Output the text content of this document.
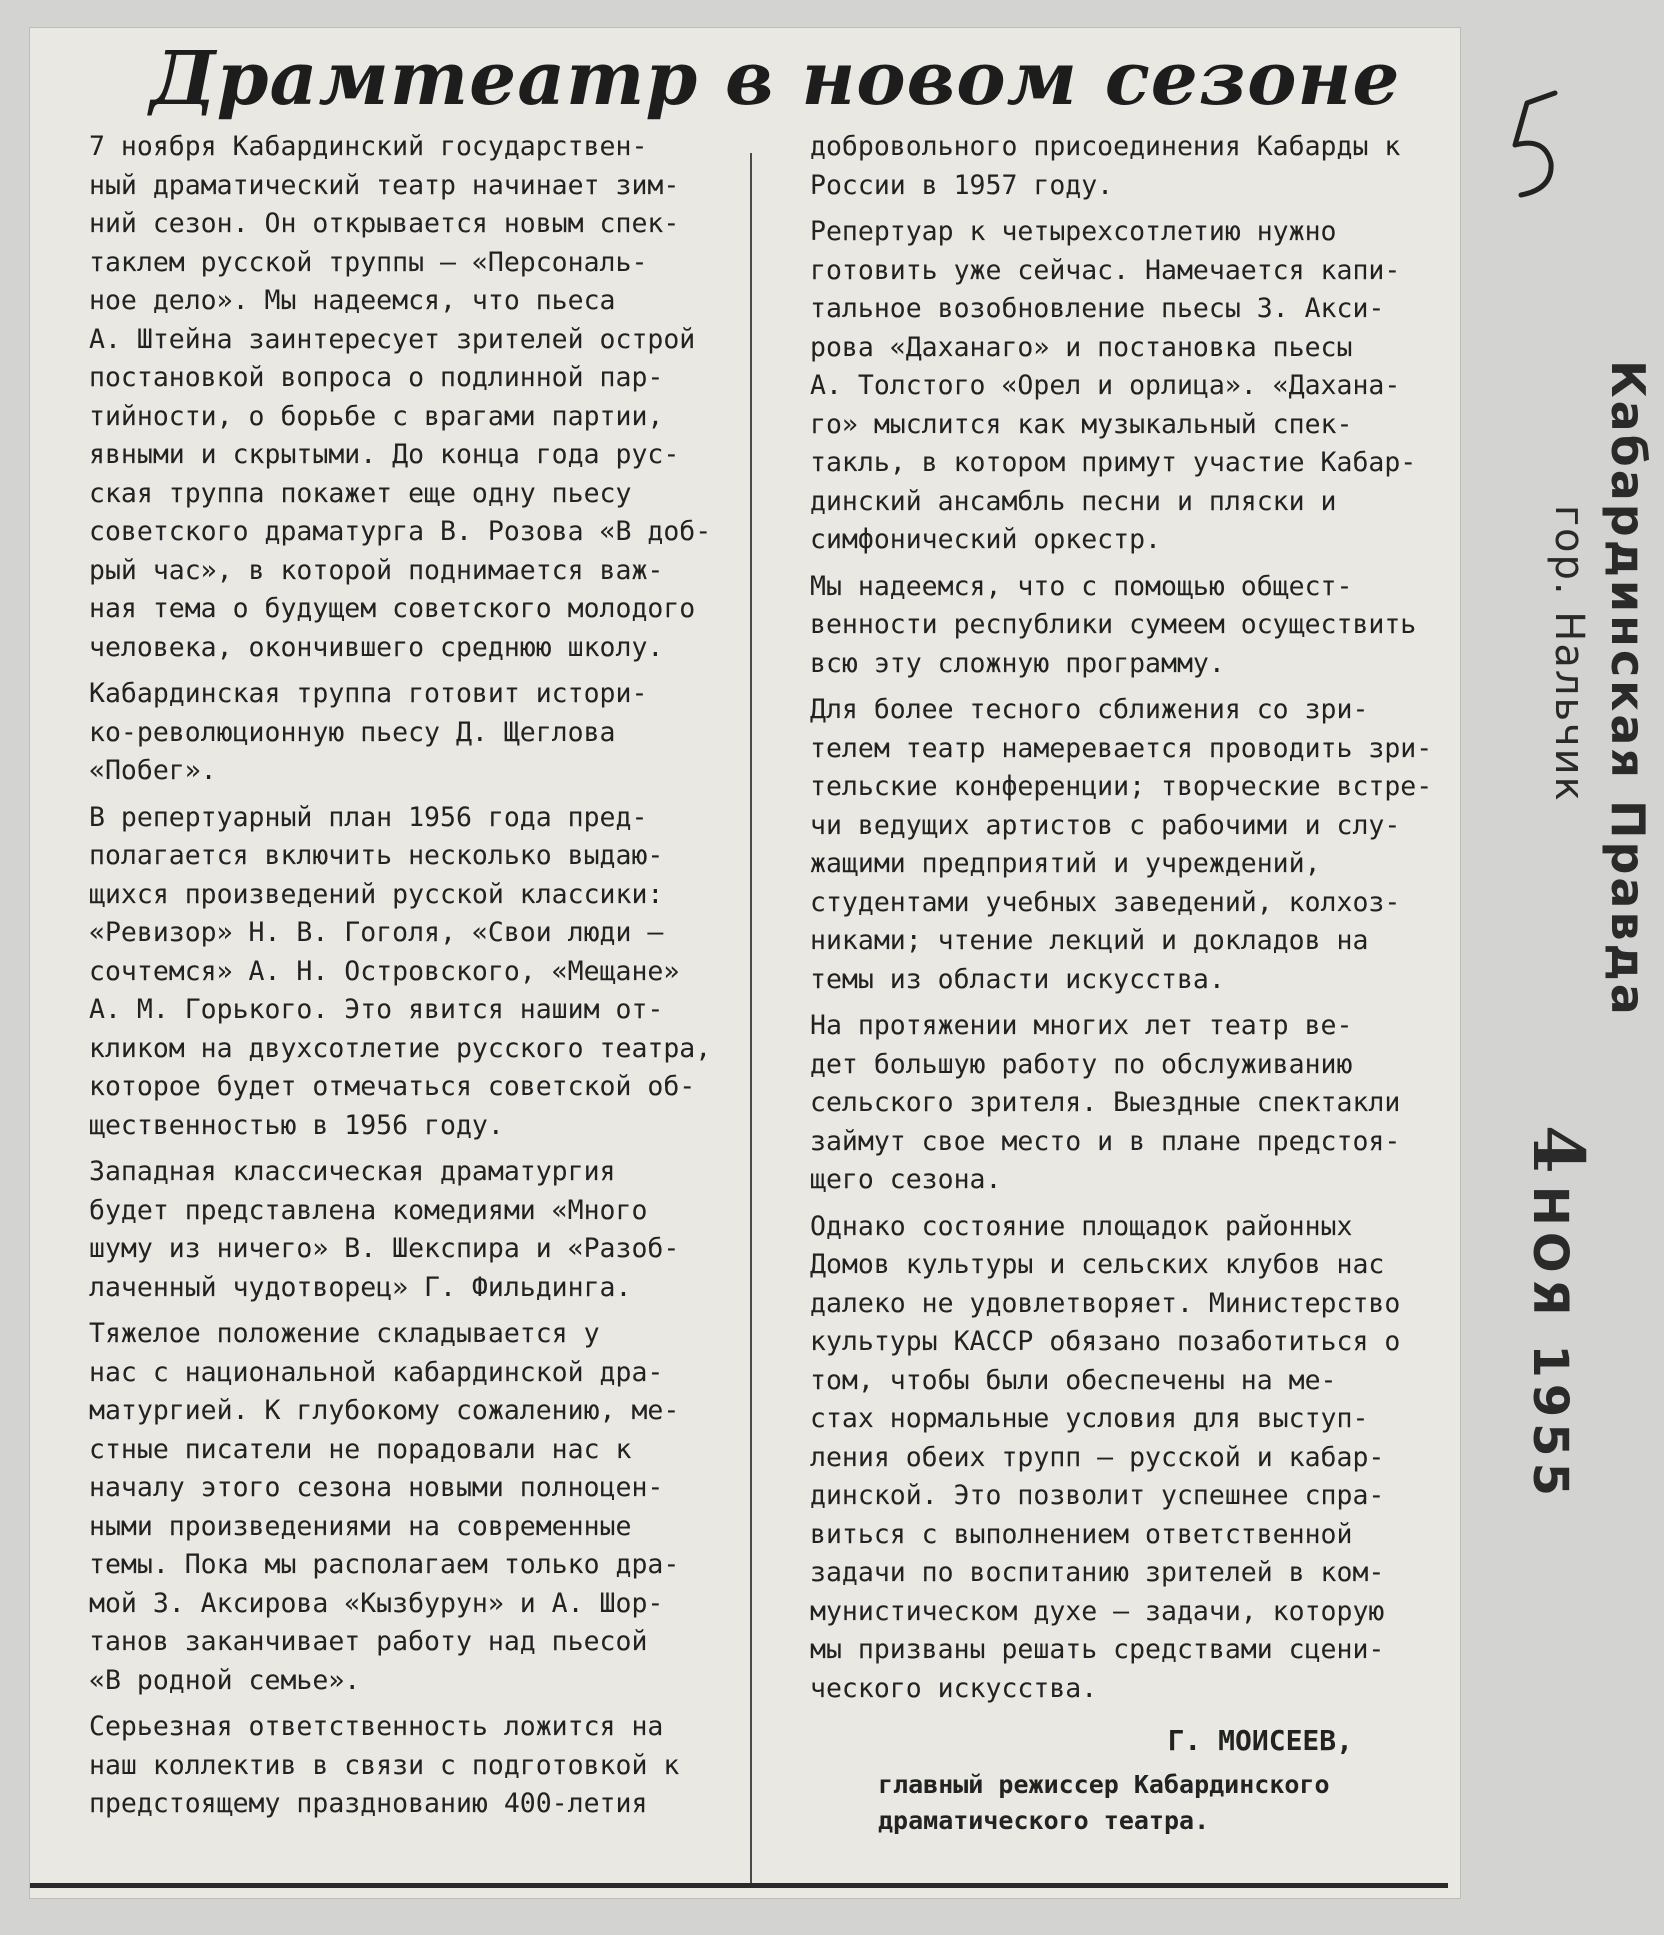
Драмтеатр в новом сезоне

7 ноября Кабардинский государствен-
ный драматический театр начинает зим-
ний сезон. Он открывается новым спек-
таклем русской труппы — «Персональ-
ное дело». Мы надеемся, что пьеса
А. Штейна заинтересует зрителей острой
постановкой вопроса о подлинной пар-
тийности, о борьбе с врагами партии,
явными и скрытыми. До конца года рус-
ская труппа покажет еще одну пьесу
советского драматурга В. Розова «В доб-
рый час», в которой поднимается важ-
ная тема о будущем советского молодого
человека, окончившего среднюю школу.

Кабардинская труппа готовит истори-
ко-революционную пьесу Д. Щеглова
«Побег».

В репертуарный план 1956 года пред-
полагается включить несколько выдаю-
щихся произведений русской классики:
«Ревизор» Н. В. Гоголя, «Свои люди —
сочтемся» А. Н. Островского, «Мещане»
А. М. Горького. Это явится нашим от-
кликом на двухсотлетие русского театра,
которое будет отмечаться советской об-
щественностью в 1956 году.

Западная классическая драматургия
будет представлена комедиями «Много
шуму из ничего» В. Шекспира и «Разоб-
лаченный чудотворец» Г. Фильдинга.

Тяжелое положение складывается у
нас с национальной кабардинской дра-
матургией. К глубокому сожалению, ме-
стные писатели не порадовали нас к
началу этого сезона новыми полноцен-
ными произведениями на современные
темы. Пока мы располагаем только дра-
мой З. Аксирова «Кызбурун» и А. Шор-
танов заканчивает работу над пьесой
«В родной семье».

Серьезная ответственность ложится на
наш коллектив в связи с подготовкой к
предстоящему празднованию 400-летия

добровольного присоединения Кабарды к
России в 1957 году.

Репертуар к четырехсотлетию нужно
готовить уже сейчас. Намечается капи-
тальное возобновление пьесы З. Акси-
рова «Даханаго» и постановка пьесы
А. Толстого «Орел и орлица». «Дахана-
го» мыслится как музыкальный спек-
такль, в котором примут участие Кабар-
динский ансамбль песни и пляски и
симфонический оркестр.

Мы надеемся, что с помощью общест-
венности республики сумеем осуществить
всю эту сложную программу.

Для более тесного сближения со зри-
телем театр намеревается проводить зри-
тельские конференции; творческие встре-
чи ведущих артистов с рабочими и слу-
жащими предприятий и учреждений,
студентами учебных заведений, колхоз-
никами; чтение лекций и докладов на
темы из области искусства.

На протяжении многих лет театр ве-
дет большую работу по обслуживанию
сельского зрителя. Выездные спектакли
займут свое место и в плане предстоя-
щего сезона.

Однако состояние площадок районных
Домов культуры и сельских клубов нас
далеко не удовлетворяет. Министерство
культуры КАССР обязано позаботиться о
том, чтобы были обеспечены на ме-
стах нормальные условия для выступ-
ления обеих трупп — русской и кабар-
динской. Это позволит успешнее спра-
виться с выполнением ответственной
задачи по воспитанию зрителей в ком-
мунистическом духе — задачи, которую
мы призваны решать средствами сцени-
ческого искусства.

Г. МОИСЕЕВ,
главный режиссер Кабардинского
драматического театра.
Кабардинская Правда
гор. Нальчик
4НОЯ 1955
